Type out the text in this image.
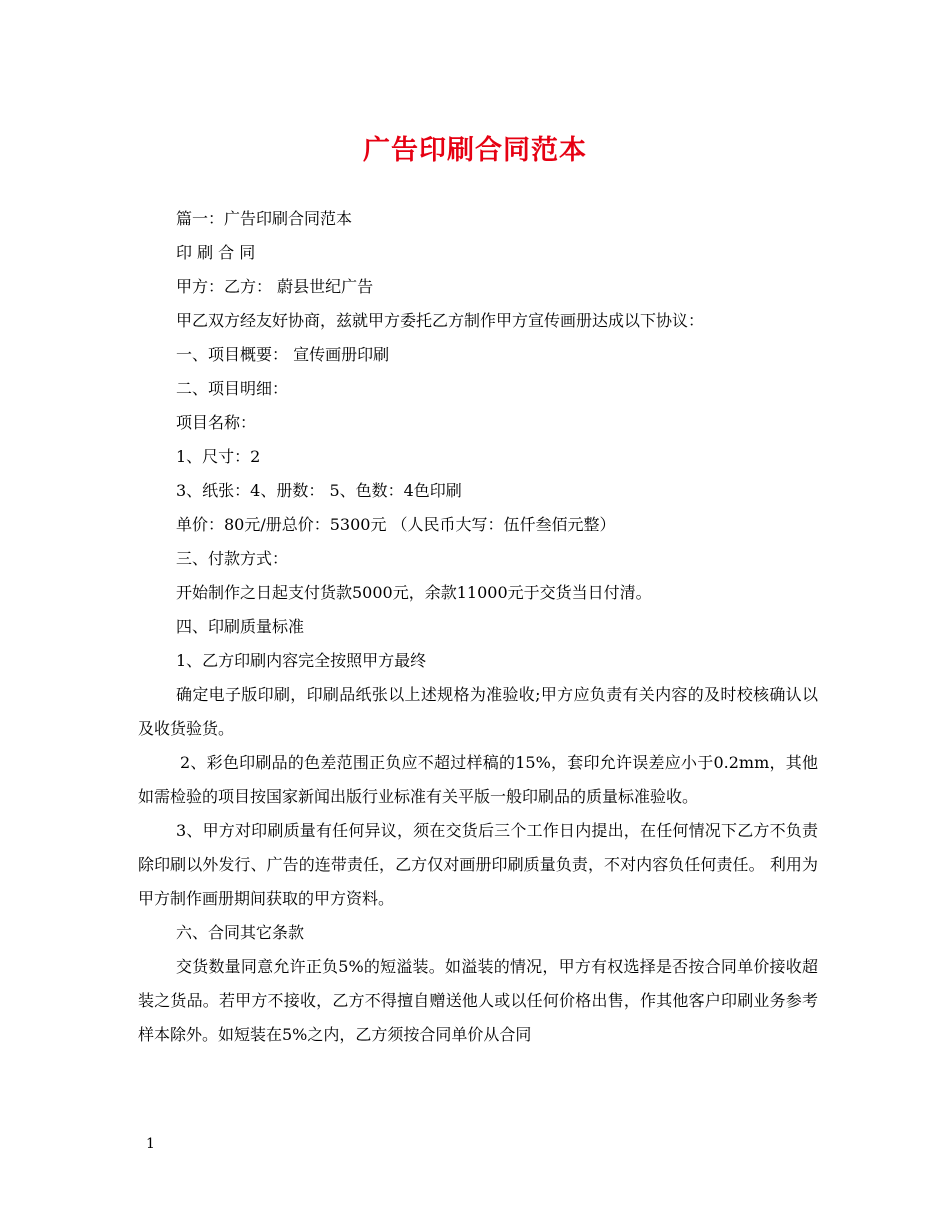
广告印刷合同范本
篇一：广告印刷合同范本
印 刷 合 同
甲方：乙方： 蔚县世纪广告
甲乙双方经友好协商，兹就甲方委托乙方制作甲方宣传画册达成以下协议：
一、项目概要： 宣传画册印刷
二、项目明细：
项目名称：
1、尺寸：2
3、纸张：4、册数： 5、色数：4色印刷
单价：80元/册总价：5300元 （人民币大写：伍仟叁佰元整）
三、付款方式：
开始制作之日起支付货款5000元，余款11000元于交货当日付清。
四、印刷质量标准
1、乙方印刷内容完全按照甲方最终
确定电子版印刷，印刷品纸张以上述规格为准验收;甲方应负责有关内容的及时校核确认以及收货验货。
2、彩色印刷品的色差范围正负应不超过样稿的15%，套印允许误差应小于0.2mm，其他如需检验的项目按国家新闻出版行业标准有关平版一般印刷品的质量标准验收。
3、甲方对印刷质量有任何异议，须在交货后三个工作日内提出，在任何情况下乙方不负责除印刷以外发行、广告的连带责任，乙方仅对画册印刷质量负责，不对内容负任何责任。 利用为甲方制作画册期间获取的甲方资料。
六、合同其它条款
交货数量同意允许正负5%的短溢装。如溢装的情况，甲方有权选择是否按合同单价接收超装之货品。若甲方不接收，乙方不得擅自赠送他人或以任何价格出售，作其他客户印刷业务参考样本除外。如短装在5%之内，乙方须按合同单价从合同
1
